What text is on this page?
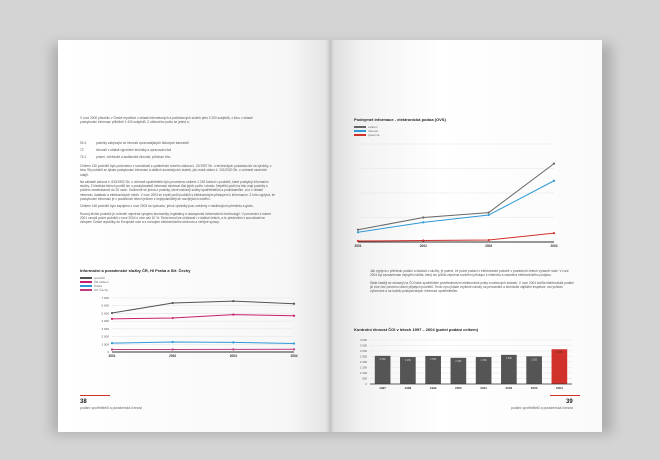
V roce 2000 působilo v České republice v oblasti internetových a počítačových služeb přes 3 200 subjektů, z toho v oblasti poskytování informací přibližně 1 400 subjektů. Z celkového počtu se jedná o:

92.4	podniky zabývající se činností zpravodajských tiskových kanceláří
72	činnosti v oblasti výpočetní techniky a zpracování dat
74.1	právní, účetnické a auditorské činnosti, průzkum trhu

Celkem 130 podniků bylo podrobeno v souvislosti s uplatněním nového zákona č. 22/1997 Sb. o technických požadavcích na výrobky, z toho 96 podniků se týkalo poskytování informací a dalších souvisejících služeb, jak uvádí zákon č. 101/2000 Sb. o ochraně osobních údajů.

Na základě zákona č. 634/1992 Sb. o ochraně spotřebitele bylo provedeno celkem 1 252 kontrol u podniků, které poskytují informační služby. Z hlediska tržních podílů lze u poskytovatelů informací sledovat růst jejich počtu i obratu. Největší podíl na trhu mají podniky s počtem zaměstnanců do 20 osob. Souhrnně se jedná o podniky, které nabízejí služby spotřebitelům a podnikatelům, a to v oblasti internetu, databází a elektronických médií. V roce 2003 se zvýšil podíl podniků s elektronickým přístupem k informacím. Z toho vyplývá, že poskytování informací je v posledních letech jedním z nejdynamičtěji se rozvíjejících odvětví.

Celkem 146 podniků bylo zapojeno v roce 2003 do výzkumu, jehož výsledky jsou uvedeny v následujícím přehledu a grafu.

Rozvoj těchto podniků je ovlivněn zejména vývojem ekonomiky, legislativy a dostupností informačních technologií. V porovnání s rokem 2001 vzrostl počet podniků v roce 2004 o více než 10 %. Tento trend lze očekávat i v dalších letech, a to především v souvislosti se vstupem České republiky do Evropské unie a s rozvojem elektronického obchodu a veřejné správy.

Informační a poradenské služby ČR, Hl Praha a Stř. Čechy
podnětů
ČR celkem
Praha
Stř. Čechy
0
1 000
2 000
3 000
4 000
5 000
6 000
7 000
2001	2002	2003	2004
38
podání spotřebitelů a poradenská činnost
Podnymet informace - elektronická podoa (OVS)
celkem
Internet
písemně
2001	2002	2003	2004

Jak vyplývá z přehledu podání a žádostí o služby, je patrné, že počet podání v elektronické podobě v posledních letech výrazně roste. V roce 2004 byl zaznamenán nejvyšší nárůst, který lze přičíst zejména rozšíření přístupu k internetu a zavedení elektronického podpisu.

Stále častěji se obracejí na ČOI také spotřebitelé prostřednictvím elektronické pošty a webových stránek. V roce 2004 tvořila elektronická podání již více než polovinu všech přijatých podnětů. Tento vývoj klade zvýšené nároky na personální a technické zajištění inspekce, na rychlost vyřizování a na kvalitu poskytovaných informací spotřebitelům.

Kontrolní činnost ČOI v letech 1997 – 2004 (počet podání celkem)
0
500
1 000
1 500
2 000
2 500
3 000
3 500
4 000
2 560
1997
2 450
1998
2 550
1999
2 380
2000
2 450
2001
2 650
2002
2 520
2003
3 160
2004
39
podání spotřebitelů a poradenská činnost
